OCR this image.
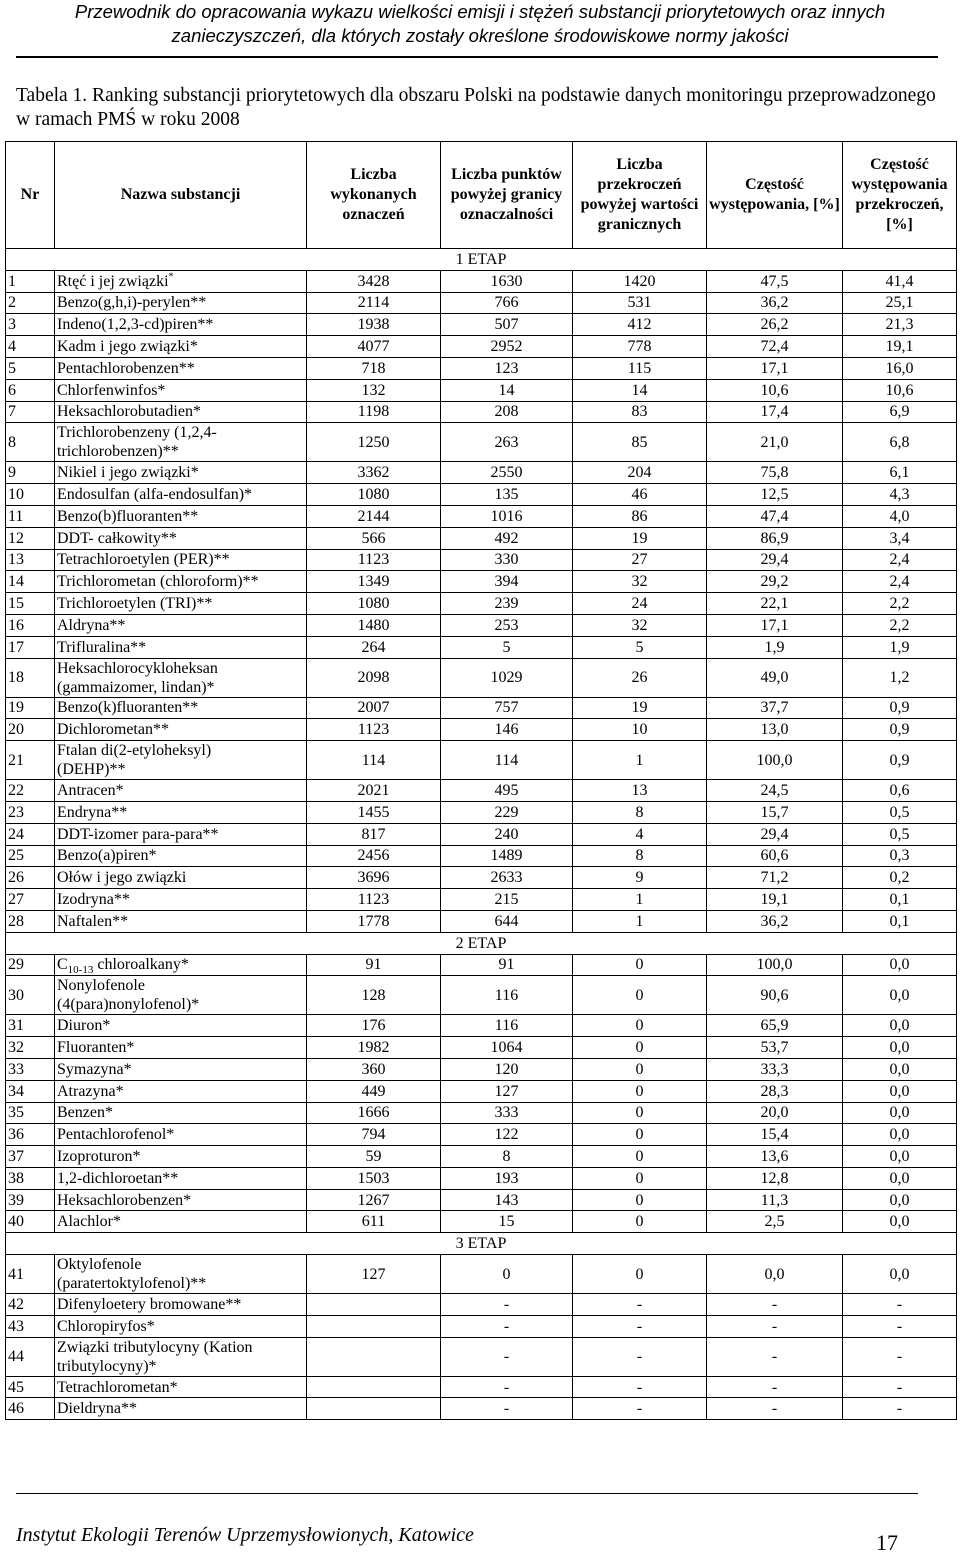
Przewodnik do opracowania wykazu wielkości emisji i stężeń substancji priorytetowych oraz innych
zanieczyszczeń, dla których zostały określone środowiskowe normy jakości
Tabela 1. Ranking substancji priorytetowych dla obszaru Polski na podstawie danych monitoringu przeprowadzonego w ramach PMŚ w roku 2008
Nr	Nazwa substancji	Liczba wykonanych oznaczeń	Liczba punktów powyżej granicy oznaczalności	Liczba przekroczeń powyżej wartości granicznych	Częstość występowania, [%]	Częstość występowania przekroczeń, [%]
1 ETAP						
1	Rtęć i jej związki*	3428	1630	1420	47,5	41,4
2	Benzo(g,h,i)-perylen**	2114	766	531	36,2	25,1
3	Indeno(1,2,3-cd)piren**	1938	507	412	26,2	21,3
4	Kadm i jego związki*	4077	2952	778	72,4	19,1
5	Pentachlorobenzen**	718	123	115	17,1	16,0
6	Chlorfenwinfos*	132	14	14	10,6	10,6
7	Heksachlorobutadien*	1198	208	83	17,4	6,9
8	Trichlorobenzeny (1,2,4-
trichlorobenzen)**	1250	263	85	21,0	6,8
9	Nikiel i jego związki*	3362	2550	204	75,8	6,1
10	Endosulfan (alfa-endosulfan)*	1080	135	46	12,5	4,3
11	Benzo(b)fluoranten**	2144	1016	86	47,4	4,0
12	DDT- całkowity**	566	492	19	86,9	3,4
13	Tetrachloroetylen (PER)**	1123	330	27	29,4	2,4
14	Trichlorometan (chloroform)**	1349	394	32	29,2	2,4
15	Trichloroetylen (TRI)**	1080	239	24	22,1	2,2
16	Aldryna**	1480	253	32	17,1	2,2
17	Trifluralina**	264	5	5	1,9	1,9
18	Heksachlorocykloheksan
(gammaizomer, lindan)*	2098	1029	26	49,0	1,2
19	Benzo(k)fluoranten**	2007	757	19	37,7	0,9
20	Dichlorometan**	1123	146	10	13,0	0,9
21	Ftalan di(2-etyloheksyl)
(DEHP)**	114	114	1	100,0	0,9
22	Antracen*	2021	495	13	24,5	0,6
23	Endryna**	1455	229	8	15,7	0,5
24	DDT-izomer para-para**	817	240	4	29,4	0,5
25	Benzo(a)piren*	2456	1489	8	60,6	0,3
26	Ołów i jego związki	3696	2633	9	71,2	0,2
27	Izodryna**	1123	215	1	19,1	0,1
28	Naftalen**	1778	644	1	36,2	0,1
2 ETAP						
29	$C_{10-13}$ chloroalkany*	91	91	0	100,0	0,0
30	Nonylofenole
(4(para)nonylofenol)*	128	116	0	90,6	0,0
31	Diuron*	176	116	0	65,9	0,0
32	Fluoranten*	1982	1064	0	53,7	0,0
33	Symazyna*	360	120	0	33,3	0,0
34	Atrazyna*	449	127	0	28,3	0,0
35	Benzen*	1666	333	0	20,0	0,0
36	Pentachlorofenol*	794	122	0	15,4	0,0
37	Izoproturon*	59	8	0	13,6	0,0
38	1,2-dichloroetan**	1503	193	0	12,8	0,0
39	Heksachlorobenzen*	1267	143	0	11,3	0,0
40	Alachlor*	611	15	0	2,5	0,0
3 ETAP						
41	Oktylofenole
(paratertoktylofenol)**	127	0	0	0,0	0,0
42	Difenyloetery bromowane**		-	-	-	-
43	Chloropiryfos*		-	-	-	-
44	Związki tributylocyny (Kation
tributylocyny)*		-	-	-	-
45	Tetrachlorometan*		-	-	-	-
46	Dieldryna**		-	-	-	-
Instytut Ekologii Terenów Uprzemysłowionych, Katowice	17
